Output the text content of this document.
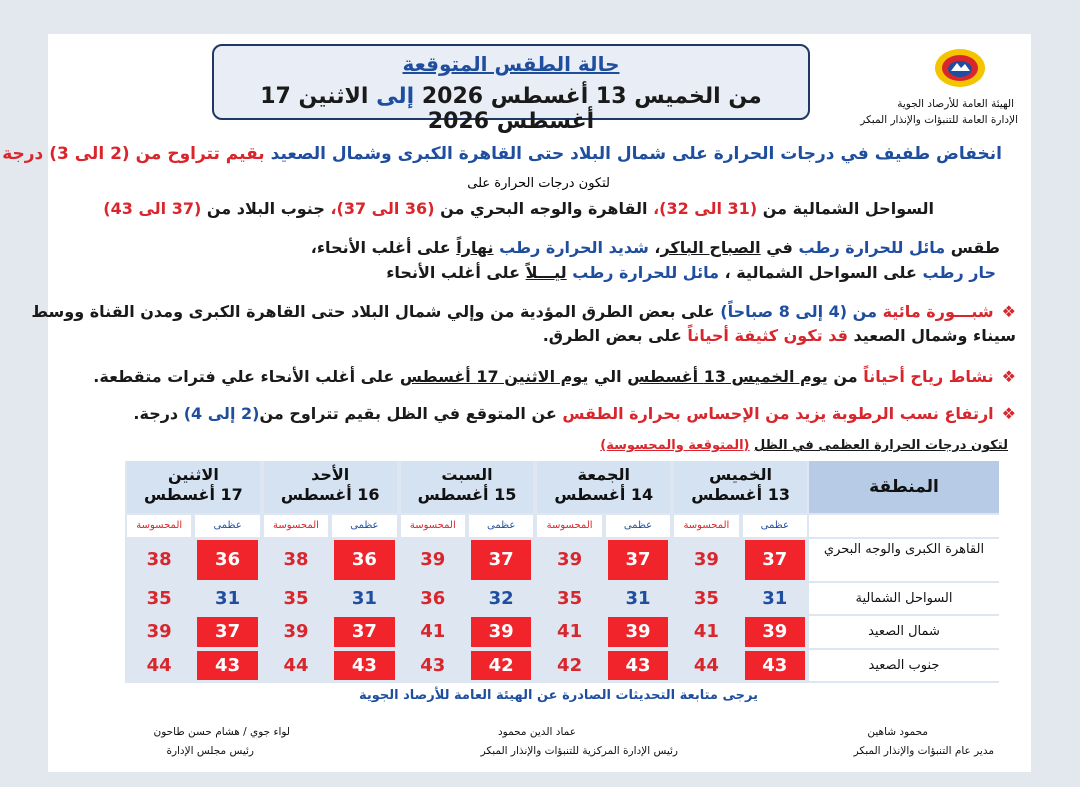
حالة الطقس المتوقعة
من الخميس 13 أغسطس 2026 إلى الاثنين 17 أغسطس 2026
الهيئة العامة للأرصاد الجوية
الإدارة العامة للتنبؤات والإنذار المبكر
انخفاض طفيف في درجات الحرارة على شمال البلاد حتى القاهرة الكبرى وشمال الصعيد بقيم تتراوح من (2 الى 3) درجة
لتكون درجات الحرارة على
السواحل الشمالية من (31 الى 32)، القاهرة والوجه البحري من (36 الى 37)، جنوب البلاد من (37 الى 43)
طقس مائل للحرارة رطب في الصباح الباكر، شديد الحرارة رطب نهاراً على أغلب الأنحاء،
حار رطب على السواحل الشمالية ، مائل للحرارة رطب ليـــلاً على أغلب الأنحاء
❖شبـــورة مائية من (4 إلى 8 صباحاً) على بعض الطرق المؤدية من وإلي شمال البلاد حتى القاهرة الكبرى ومدن القناة ووسط
سيناء وشمال الصعيد قد تكون كثيفة أحياناً على بعض الطرق.
❖نشاط رياح أحياناً من يوم الخميس 13 أغسطس الي يوم الاثنين 17 أغسطس على أغلب الأنحاء علي فترات متقطعة.
❖ارتفاع نسب الرطوبة يزيد من الإحساس بحرارة الطقس عن المتوقع في الظل بقيم تتراوح من(2 إلى 4) درجة.
لتكون درجات الحرارة العظمى في الظل (المتوقعة والمحسوسة)
المنطقة
الخميس
13 أغسطس
عظمى
المحسوسة
الجمعة
14 أغسطس
عظمى
المحسوسة
السبت
15 أغسطس
عظمى
المحسوسة
الأحد
16 أغسطس
عظمى
المحسوسة
الاثنين
17 أغسطس
عظمى
المحسوسة
القاهرة الكبرى والوجه البحري
37
39
37
39
37
39
36
38
36
38
السواحل الشمالية
31
35
31
35
32
36
31
35
31
35
شمال الصعيد
39
41
39
41
39
41
37
39
37
39
جنوب الصعيد
43
44
43
42
42
43
43
44
43
44
يرجى متابعة التحديثات الصادرة عن الهيئة العامة للأرصاد الجوية
محمود شاهين
مدير عام التنبؤات والإنذار المبكر
عماد الدين محمود
رئيس الإدارة المركزية للتنبؤات والإنذار المبكر
لواء جوي / هشام حسن طاحون
رئيس مجلس الإدارة
